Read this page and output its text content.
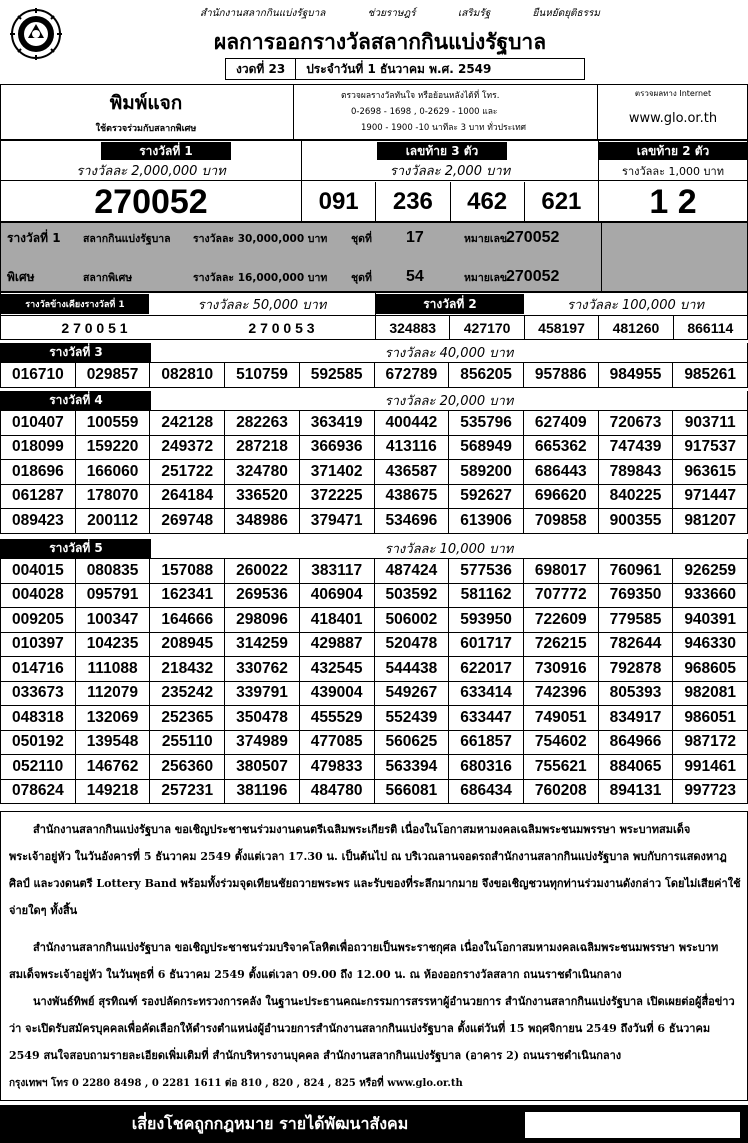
สำนักงานสลากกินแบ่งรัฐบาล	ช่วยราษฎร์	เสริมรัฐ	ยืนหยัดยุติธรรม
ผลการออกรางวัลสลากกินแบ่งรัฐบาล
งวดที่ 23	ประจำวันที่ 1 ธันวาคม พ.ศ. 2549
พิมพ์แจก
ใช้ตรวจร่วมกับสลากพิเศษ
ตรวจผลรางวัลทันใจ หรือย้อนหลังได้ที่ โทร.
0-2698 - 1698 , 0-2629 - 1000 และ
1900 - 1900 -10 นาทีละ 3 บาท ทั่วประเทศ
ตรวจผลทาง Internet
www.glo.or.th
รางวัลที่ 1
รางวัลละ 2,000,000 บาท
270052
เลขท้าย 3 ตัว
รางวัลละ 2,000 บาท
091	236	462	621
เลขท้าย 2 ตัว
รางวัลละ 1,000 บาท
1 2
รางวัลที่ 1	สลากกินแบ่งรัฐบาล	รางวัลละ 30,000,000 บาท	ชุดที่	17	หมายเลข
270052
พิเศษ	สลากพิเศษ	รางวัลละ 16,000,000 บาท	ชุดที่	54	หมายเลข
270052
รางวัลข้างเคียงรางวัลที่ 1	รางวัลละ 50,000 บาท
2 7 0 0 5 1	2 7 0 0 5 3
รางวัลที่ 2	รางวัลละ 100,000 บาท
324883	427170	458197	481260	866114
รางวัลที่ 3	รางวัลละ 40,000 บาท
016710	029857	082810	510759	592585	672789	856205	957886	984955	985261
รางวัลที่ 4	รางวัลละ 20,000 บาท
010407	100559	242128	282263	363419	400442	535796	627409	720673	903711
018099	159220	249372	287218	366936	413116	568949	665362	747439	917537
018696	166060	251722	324780	371402	436587	589200	686443	789843	963615
061287	178070	264184	336520	372225	438675	592627	696620	840225	971447
089423	200112	269748	348986	379471	534696	613906	709858	900355	981207
รางวัลที่ 5	รางวัลละ 10,000 บาท
004015	080835	157088	260022	383117	487424	577536	698017	760961	926259
004028	095791	162341	269536	406904	503592	581162	707772	769350	933660
009205	100347	164666	298096	418401	506002	593950	722609	779585	940391
010397	104235	208945	314259	429887	520478	601717	726215	782644	946330
014716	111088	218432	330762	432545	544438	622017	730916	792878	968605
033673	112079	235242	339791	439004	549267	633414	742396	805393	982081
048318	132069	252365	350478	455529	552439	633447	749051	834917	986051
050192	139548	255110	374989	477085	560625	661857	754602	864966	987172
052110	146762	256360	380507	479833	563394	680316	755621	884065	991461
078624	149218	257231	381196	484780	566081	686434	760208	894131	997723
สำนักงานสลากกินแบ่งรัฐบาล ขอเชิญประชาชนร่วมงานดนตรีเฉลิมพระเกียรติ เนื่องในโอกาสมหามงคลเฉลิมพระชนมพรรษา พระบาทสมเด็จพระเจ้าอยู่หัว ในวันอังคารที่ 5 ธันวาคม 2549 ตั้งแต่เวลา 17.30 น. เป็นต้นไป ณ บริเวณลานจอดรถสำนักงานสลากกินแบ่งรัฐบาล พบกับการแสดงหาฎศิลป์ และวงดนตรี Lottery Band พร้อมทั้งร่วมจุดเทียนชัยถวายพระพร และรับของที่ระลึกมากมาย จึงขอเชิญชวนทุกท่านร่วมงานดังกล่าว โดยไม่เสียค่าใช้จ่ายใดๆ ทั้งสิ้น
สำนักงานสลากกินแบ่งรัฐบาล ขอเชิญประชาชนร่วมบริจาคโลหิตเพื่อถวายเป็นพระราชกุศล เนื่องในโอกาสมหามงคลเฉลิมพระชนมพรรษา พระบาทสมเด็จพระเจ้าอยู่หัว ในวันพุธที่ 6 ธันวาคม 2549 ตั้งแต่เวลา 09.00 ถึง 12.00 น. ณ ห้องออกรางวัลสลาก ถนนราชดำเนินกลาง
นางพันธ์ทิพย์ สุรทิณฑ์ รองปลัดกระทรวงการคลัง ในฐานะประธานคณะกรรมการสรรหาผู้อำนวยการ สำนักงานสลากกินแบ่งรัฐบาล เปิดเผยต่อผู้สื่อข่าวว่า จะเปิดรับสมัครบุคคลเพื่อคัดเลือกให้ดำรงตำแหน่งผู้อำนวยการสำนักงานสลากกินแบ่งรัฐบาล ตั้งแต่วันที่ 15 พฤศจิกายน 2549 ถึงวันที่ 6 ธันวาคม 2549 สนใจสอบถามรายละเอียดเพิ่มเติมที่ สำนักบริหารงานบุคคล สำนักงานสลากกินแบ่งรัฐบาล (อาคาร 2) ถนนราชดำเนินกลาง
กรุงเทพฯ โทร 0 2280 8498 , 0 2281 1611 ต่อ 810 , 820 , 824 , 825 หรือที่ www.glo.or.th
เสี่ยงโชคถูกกฎหมาย รายได้พัฒนาสังคม
